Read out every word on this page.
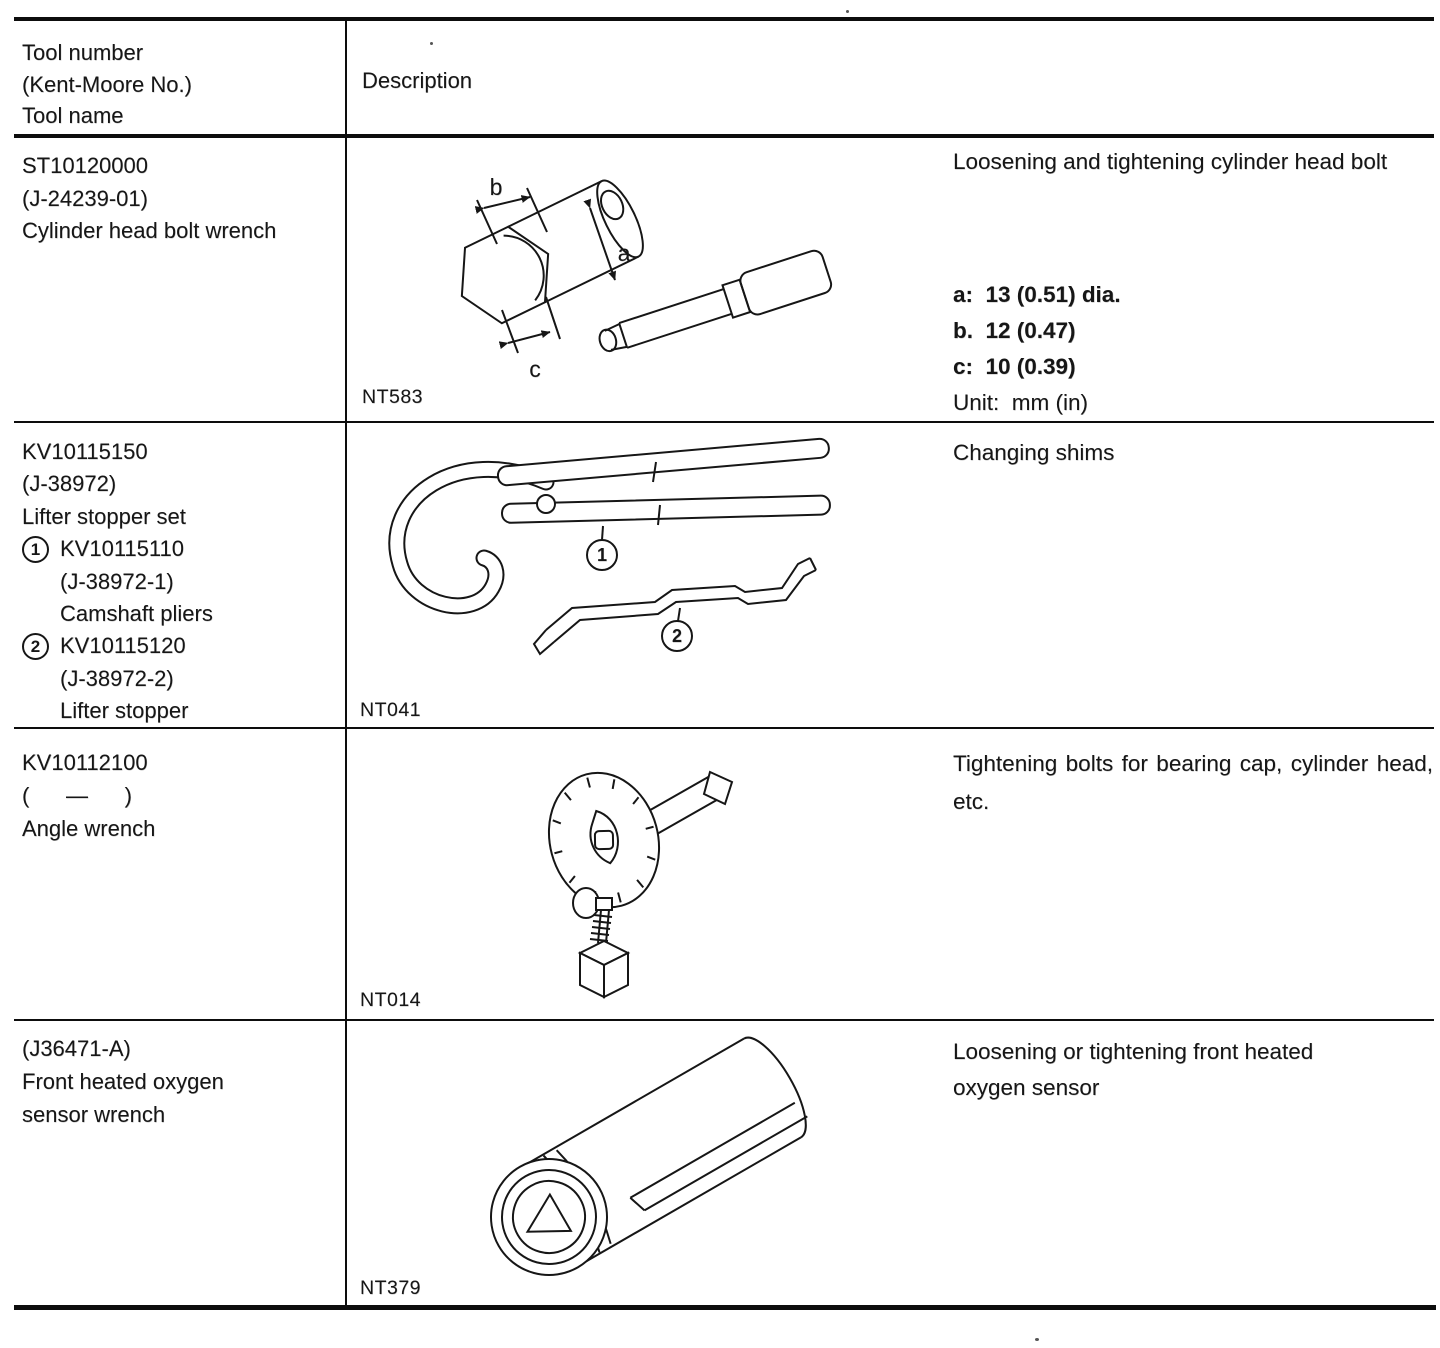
Tool number
(Kent-Moore No.)
Tool name
Description
ST10120000
(J-24239-01)
Cylinder head bolt wrench
b
a
c
NT583
Loosening and tightening cylinder head bolt
a:  13 (0.51) dia.
b.  12 (0.47)
c:  10 (0.39)
Unit:  mm (in)
KV10115150
(J-38972)
Lifter stopper set
1 KV10115110
(J-38972-1)
Camshaft pliers
2 KV10115120
(J-38972-2)
Lifter stopper
1
2
NT041
Changing shims
KV10112100
(      —      )
Angle wrench
NT014
Tightening bolts for bearing cap, cylinder head, etc.
(J36471-A)
Front heated oxygen sensor wrench
NT379
Loosening or tightening front heated oxygen sensor
